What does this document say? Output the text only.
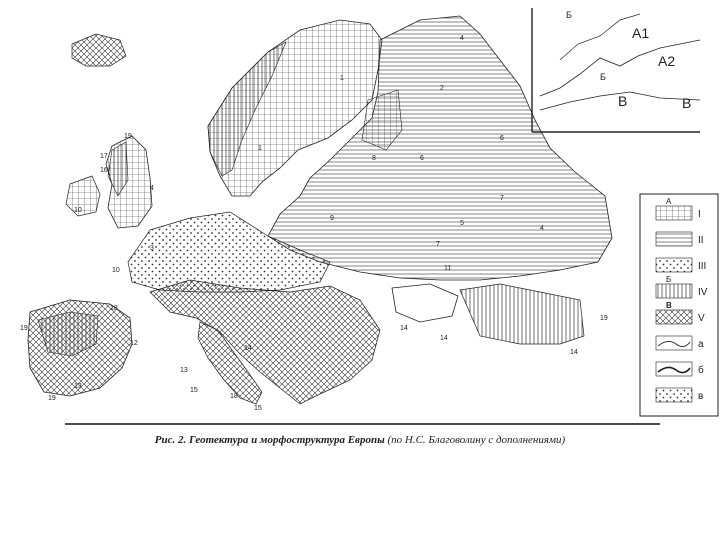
1
1
2
3
4
4
4
5
6
6
7
7
8
9
10
10	11
12
13
13
14
14
14
14
15
15
16
17
18
18
19
19
19
19
Б
А1
А2
Б
В	В
А
I
II
III
Б
IV
В
V
а
б
в
Рис. 2. Геотектура и морфоструктура Европы (по Н.С. Благоволину с дополнениями)
